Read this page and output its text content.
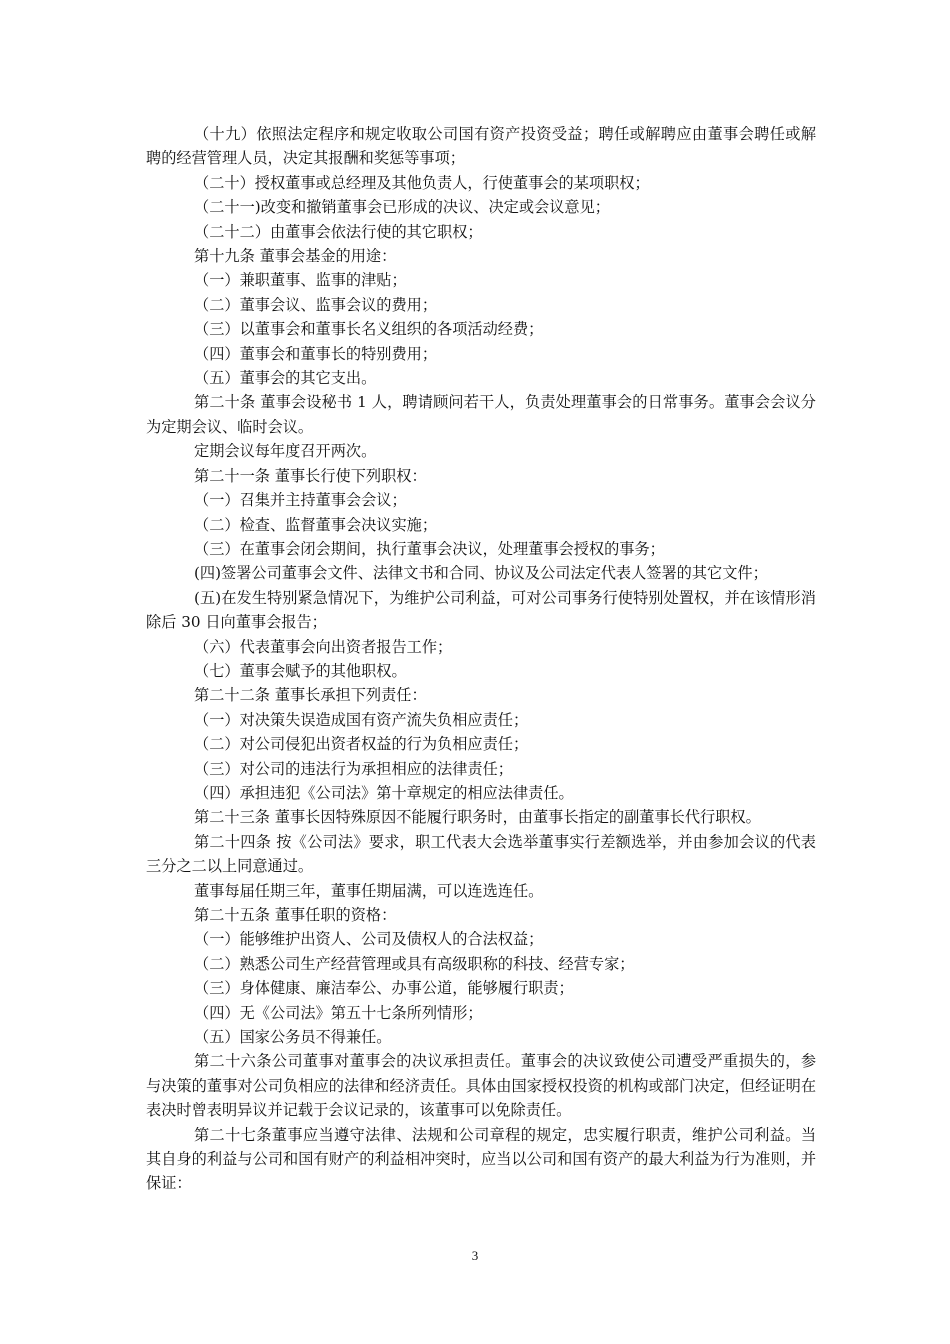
（十九）依照法定程序和规定收取公司国有资产投资受益；聘任或解聘应由董事会聘任或解聘的经营管理人员，决定其报酬和奖惩等事项；

（二十）授权董事或总经理及其他负责人，行使董事会的某项职权；

（二十一)改变和撤销董事会已形成的决议、决定或会议意见；

（二十二）由董事会依法行使的其它职权；

第十九条 董事会基金的用途：

（一）兼职董事、监事的津贴；

（二）董事会议、监事会议的费用；

（三）以董事会和董事长名义组织的各项活动经费；

（四）董事会和董事长的特别费用；

（五）董事会的其它支出。

第二十条 董事会设秘书 1 人，聘请顾问若干人，负责处理董事会的日常事务。董事会会议分为定期会议、临时会议。

定期会议每年度召开两次。

第二十一条 董事长行使下列职权：

（一）召集并主持董事会会议；

（二）检查、监督董事会决议实施；

（三）在董事会闭会期间，执行董事会决议，处理董事会授权的事务；

(四)签署公司董事会文件、法律文书和合同、协议及公司法定代表人签署的其它文件；

(五)在发生特别紧急情况下，为维护公司利益，可对公司事务行使特别处置权，并在该情形消除后 30 日向董事会报告；

（六）代表董事会向出资者报告工作；

（七）董事会赋予的其他职权。

第二十二条 董事长承担下列责任：

（一）对决策失误造成国有资产流失负相应责任；

（二）对公司侵犯出资者权益的行为负相应责任；

（三）对公司的违法行为承担相应的法律责任；

（四）承担违犯《公司法》第十章规定的相应法律责任。

第二十三条 董事长因特殊原因不能履行职务时，由董事长指定的副董事长代行职权。

第二十四条 按《公司法》要求，职工代表大会选举董事实行差额选举，并由参加会议的代表三分之二以上同意通过。

董事每届任期三年，董事任期届满，可以连选连任。

第二十五条 董事任职的资格：

（一）能够维护出资人、公司及债权人的合法权益；

（二）熟悉公司生产经营管理或具有高级职称的科技、经营专家；

（三）身体健康、廉洁奉公、办事公道，能够履行职责；

（四）无《公司法》第五十七条所列情形；

（五）国家公务员不得兼任。

第二十六条公司董事对董事会的决议承担责任。董事会的决议致使公司遭受严重损失的，参与决策的董事对公司负相应的法律和经济责任。具体由国家授权投资的机构或部门决定，但经证明在表决时曾表明异议并记载于会议记录的，该董事可以免除责任。

第二十七条董事应当遵守法律、法规和公司章程的规定，忠实履行职责，维护公司利益。当其自身的利益与公司和国有财产的利益相冲突时，应当以公司和国有资产的最大利益为行为准则，并保证：

3
